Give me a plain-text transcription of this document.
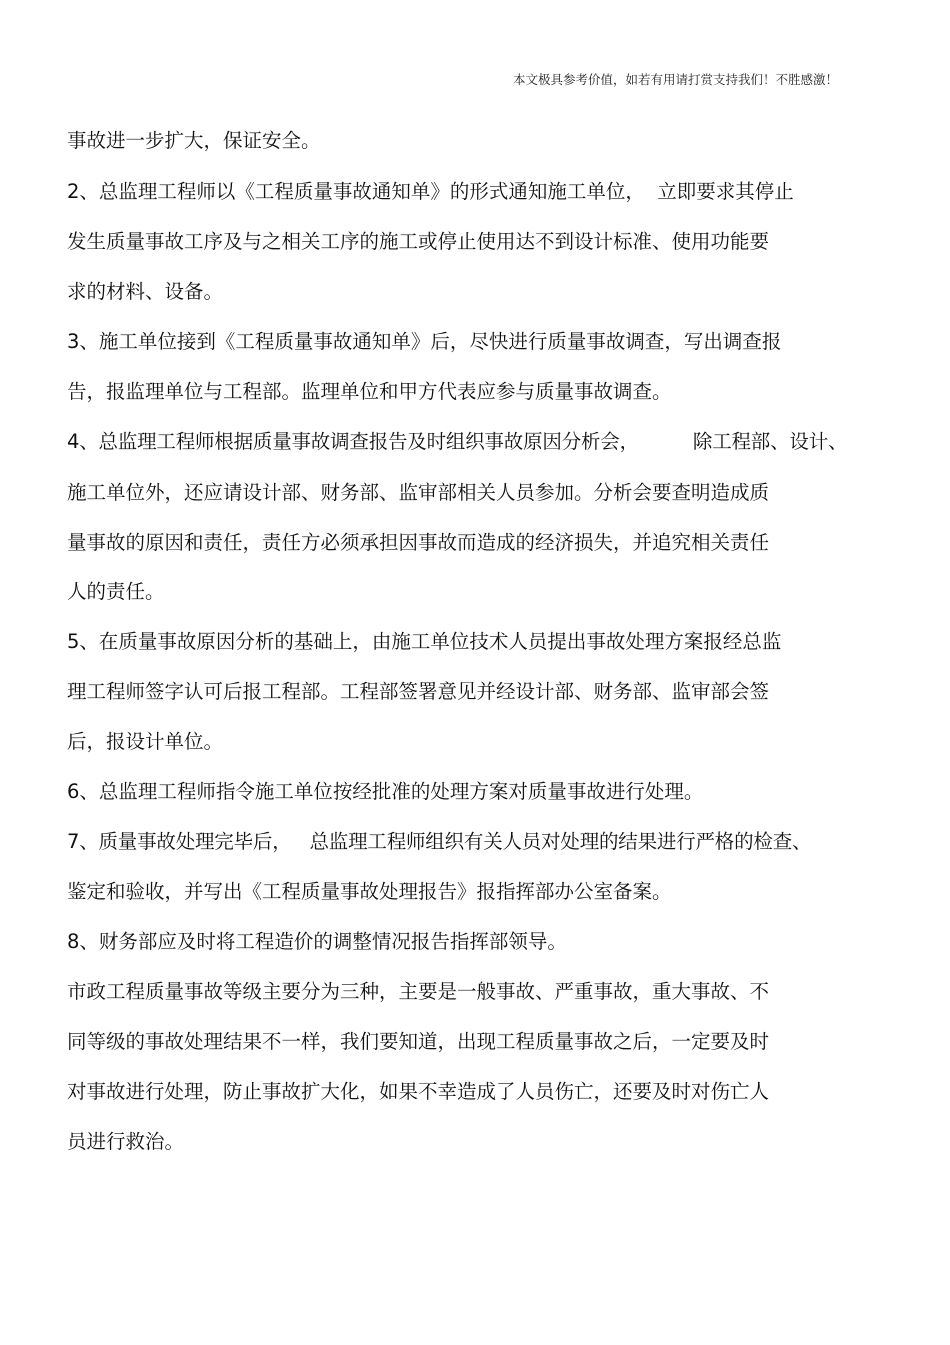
本文极具参考价值，如若有用请打赏支持我们！不胜感激！
事故进一步扩大，保证安全。
2、总监理工程师以《工程质量事故通知单》的形式通知施工单位，  立即要求其停止
发生质量事故工序及与之相关工序的施工或停止使用达不到设计标准、使用功能要
求的材料、设备。
3、施工单位接到《工程质量事故通知单》后，尽快进行质量事故调查，写出调查报
告，报监理单位与工程部。监理单位和甲方代表应参与质量事故调查。
4、总监理工程师根据质量事故调查报告及时组织事故原因分析会，         除工程部、设计、
施工单位外，还应请设计部、财务部、监审部相关人员参加。分析会要查明造成质
量事故的原因和责任，责任方必须承担因事故而造成的经济损失，并追究相关责任
人的责任。
5、在质量事故原因分析的基础上，由施工单位技术人员提出事故处理方案报经总监
理工程师签字认可后报工程部。工程部签署意见并经设计部、财务部、监审部会签
后，报设计单位。
6、总监理工程师指令施工单位按经批准的处理方案对质量事故进行处理。
7、质量事故处理完毕后，   总监理工程师组织有关人员对处理的结果进行严格的检查、
鉴定和验收，并写出《工程质量事故处理报告》报指挥部办公室备案。
8、财务部应及时将工程造价的调整情况报告指挥部领导。
市政工程质量事故等级主要分为三种，主要是一般事故、严重事故，重大事故、不
同等级的事故处理结果不一样，我们要知道，出现工程质量事故之后，一定要及时
对事故进行处理，防止事故扩大化，如果不幸造成了人员伤亡，还要及时对伤亡人
员进行救治。
